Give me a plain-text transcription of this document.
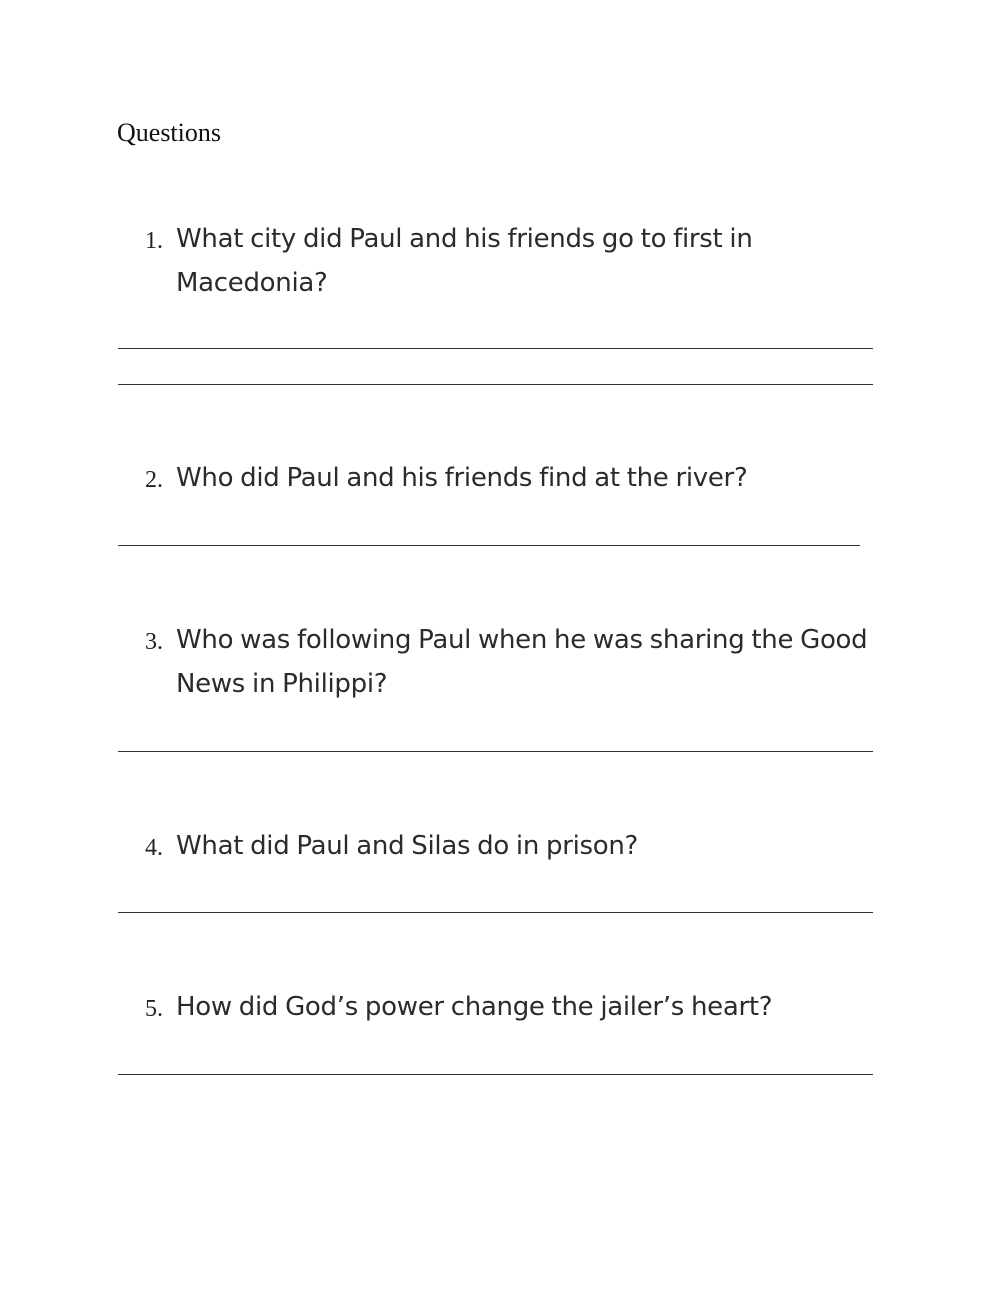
Questions
1. What city did Paul and his friends go to first in
Macedonia?
2. Who did Paul and his friends find at the river?
3. Who was following Paul when he was sharing the Good
News in Philippi?
4. What did Paul and Silas do in prison?
5. How did God’s power change the jailer’s heart?
